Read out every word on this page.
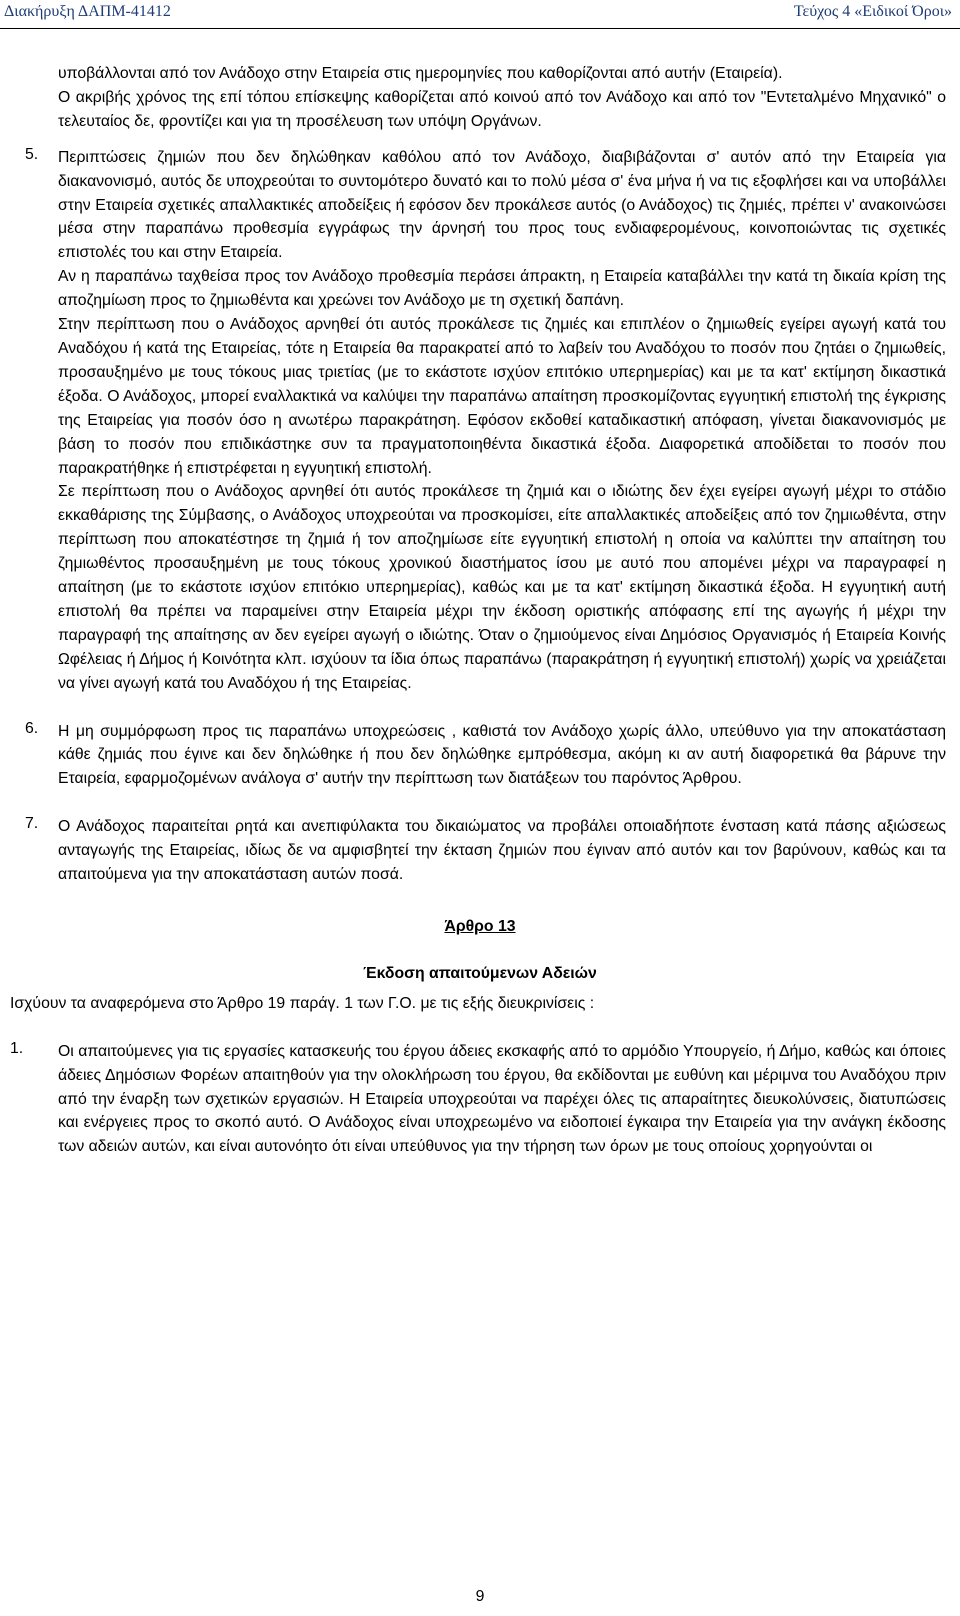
Διακήρυξη ΔΑΠΜ-41412	Τεύχος 4 «Ειδικοί Όροι»

υποβάλλονται από τον Ανάδοχο στην Εταιρεία στις ημερομηνίες που καθορίζονται από αυτήν (Εταιρεία).

Ο ακριβής χρόνος της επί τόπου επίσκεψης καθορίζεται από κοινού από τον Ανάδοχο και από τον "Εντεταλμένο Μηχανικό" ο τελευταίος δε, φροντίζει και για τη προσέλευση των υπόψη Οργάνων.

5. Περιπτώσεις ζημιών που δεν δηλώθηκαν καθόλου από τον Ανάδοχο, διαβιβάζονται σ' αυτόν από την Εταιρεία για διακανονισμό, αυτός δε υποχρεούται το συντομότερο δυνατό και το πολύ μέσα σ' ένα μήνα ή να τις εξοφλήσει και να υποβάλλει στην Εταιρεία σχετικές απαλλακτικές αποδείξεις ή εφόσον δεν προκάλεσε αυτός (ο Ανάδοχος) τις ζημιές, πρέπει ν' ανακοινώσει μέσα στην παραπάνω προθεσμία εγγράφως την άρνησή του προς τους ενδιαφερομένους, κοινοποιώντας τις σχετικές επιστολές του και στην Εταιρεία.

Αν η παραπάνω ταχθείσα προς τον Ανάδοχο προθεσμία περάσει άπρακτη, η Εταιρεία καταβάλλει την κατά τη δικαία κρίση της αποζημίωση προς το ζημιωθέντα και χρεώνει τον Ανάδοχο με τη σχετική δαπάνη.

Στην περίπτωση που ο Ανάδοχος αρνηθεί ότι αυτός προκάλεσε τις ζημιές και επιπλέον ο ζημιωθείς εγείρει αγωγή κατά του Αναδόχου ή κατά της Εταιρείας, τότε η Εταιρεία θα παρακρατεί από το λαβείν του Αναδόχου το ποσόν που ζητάει ο ζημιωθείς, προσαυξημένο με τους τόκους μιας τριετίας (με το εκάστοτε ισχύον επιτόκιο υπερημερίας) και με τα κατ' εκτίμηση δικαστικά έξοδα. Ο Ανάδοχος, μπορεί εναλλακτικά να καλύψει την παραπάνω απαίτηση προσκομίζοντας εγγυητική επιστολή της έγκρισης της Εταιρείας για ποσόν όσο η ανωτέρω παρακράτηση. Εφόσον εκδοθεί καταδικαστική απόφαση, γίνεται διακανονισμός με βάση το ποσόν που επιδικάστηκε συν τα πραγματοποιηθέντα δικαστικά έξοδα. Διαφορετικά αποδίδεται το ποσόν που παρακρατήθηκε ή επιστρέφεται η εγγυητική επιστολή.

Σε περίπτωση που ο Ανάδοχος αρνηθεί ότι αυτός προκάλεσε τη ζημιά και ο ιδιώτης δεν έχει εγείρει αγωγή μέχρι το στάδιο εκκαθάρισης της Σύμβασης, ο Ανάδοχος υποχρεούται να προσκομίσει, είτε απαλλακτικές αποδείξεις από τον ζημιωθέντα, στην περίπτωση που αποκατέστησε τη ζημιά ή τον αποζημίωσε είτε εγγυητική επιστολή η οποία να καλύπτει την απαίτηση του ζημιωθέντος προσαυξημένη με τους τόκους χρονικού διαστήματος ίσου με αυτό που απομένει μέχρι να παραγραφεί η απαίτηση (με το εκάστοτε ισχύον επιτόκιο υπερημερίας), καθώς και με τα κατ' εκτίμηση δικαστικά έξοδα. Η εγγυητική αυτή επιστολή θα πρέπει να παραμείνει στην Εταιρεία μέχρι την έκδοση οριστικής απόφασης επί της αγωγής ή μέχρι την παραγραφή της απαίτησης αν δεν εγείρει αγωγή ο ιδιώτης. Όταν ο ζημιούμενος είναι Δημόσιος Οργανισμός ή Εταιρεία Κοινής Ωφέλειας ή Δήμος ή Κοινότητα κλπ. ισχύουν τα ίδια όπως παραπάνω (παρακράτηση ή εγγυητική επιστολή) χωρίς να χρειάζεται να γίνει αγωγή κατά του Αναδόχου ή της Εταιρείας.

6. Η μη συμμόρφωση προς τις παραπάνω υποχρεώσεις , καθιστά τον Ανάδοχο χωρίς άλλο, υπεύθυνο για την αποκατάσταση κάθε ζημιάς που έγινε και δεν δηλώθηκε ή που δεν δηλώθηκε εμπρόθεσμα, ακόμη κι αν αυτή διαφορετικά θα βάρυνε την Εταιρεία, εφαρμοζομένων ανάλογα σ' αυτήν την περίπτωση των διατάξεων του παρόντος Άρθρου.

7. Ο Ανάδοχος παραιτείται ρητά και ανεπιφύλακτα του δικαιώματος να προβάλει οποιαδήποτε ένσταση κατά πάσης αξιώσεως ανταγωγής της Εταιρείας, ιδίως δε να αμφισβητεί την έκταση ζημιών που έγιναν από αυτόν και τον βαρύνουν, καθώς και τα απαιτούμενα για την αποκατάσταση αυτών ποσά.

Άρθρο 13

Έκδοση απαιτούμενων Αδειών

Ισχύουν τα αναφερόμενα στο Άρθρο 19 παράγ. 1 των Γ.Ο. με τις εξής διευκρινίσεις :

1. Οι απαιτούμενες για τις εργασίες κατασκευής του έργου άδειες εκσκαφής από το αρμόδιο Υπουργείο, ή Δήμο, καθώς και όποιες άδειες Δημόσιων Φορέων απαιτηθούν για την ολοκλήρωση του έργου, θα εκδίδονται με ευθύνη και μέριμνα του Αναδόχου πριν από την έναρξη των σχετικών εργασιών. Η Εταιρεία υποχρεούται να παρέχει όλες τις απαραίτητες διευκολύνσεις, διατυπώσεις και ενέργειες προς το σκοπό αυτό. Ο Ανάδοχος είναι υποχρεωμένο να ειδοποιεί έγκαιρα την Εταιρεία για την ανάγκη έκδοσης των αδειών αυτών, και είναι αυτονόητο ότι είναι υπεύθυνος για την τήρηση των όρων με τους οποίους χορηγούνται οι

9
